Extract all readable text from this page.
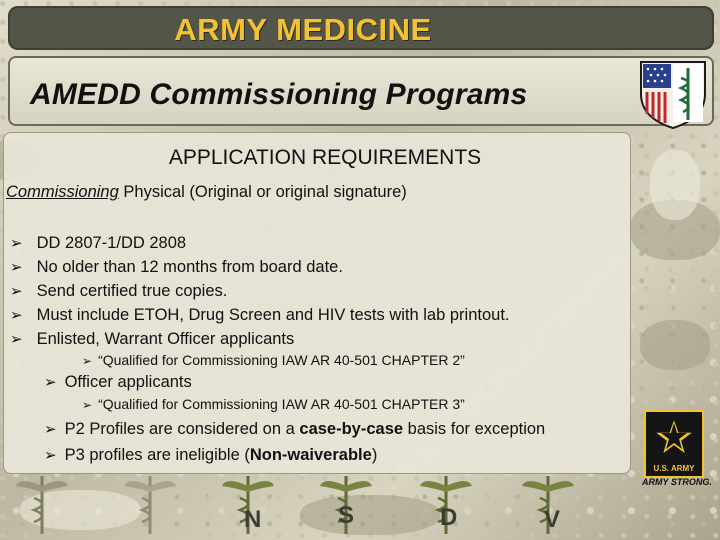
ARMY MEDICINE
AMEDD Commissioning Programs
APPLICATION REQUIREMENTS
Commissioning Physical (Original or original signature)
➢ DD 2807-1/DD 2808
➢ No older than 12 months from board date.
➢ Send certified true copies.
➢ Must include ETOH, Drug Screen and HIV tests with lab printout.
➢ Enlisted, Warrant Officer applicants
➢ “Qualified for Commissioning IAW AR 40-501 CHAPTER 2”
➢ Officer applicants
➢ “Qualified for Commissioning IAW AR 40-501 CHAPTER 3”
➢ P2 Profiles are considered on a case-by-case basis for exception
➢ P3 profiles are ineligible (Non-waiverable)
U.S. ARMY
ARMY STRONG.
N	S	D	V
